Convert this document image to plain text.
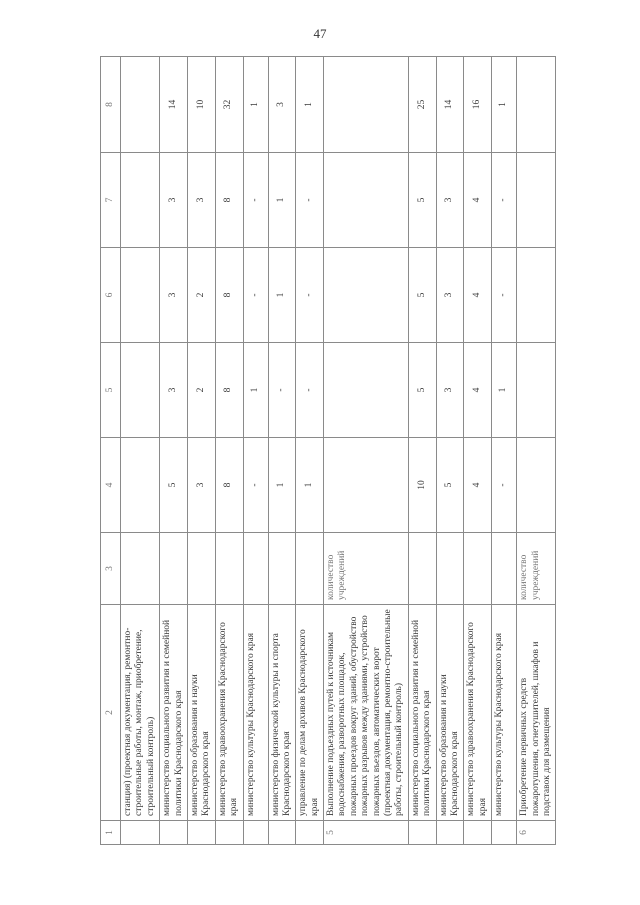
47
1	2	3	4	5	6	7	8
	станция) (проектная документация, ремонтно-строительные работы, монтаж, приобретение, строительный контроль)						
	министерство социального развития и семейной политики Краснодарского края		5	3	3	3	14
	министерство образования и науки Краснодарского края		3	2	2	3	10
	министерство здравоохранения Краснодарского края		8	8	8	8	32
	министерство культуры Краснодарского края		-	1	-	-	1
	министерство физической культуры и спорта Краснодарского края		1	-	1	1	3
	управление по делам архивов Краснодарского края		1	-	-	-	1
5	Выполнение подъездных путей к источникам водоснабжения, разворотных площадок, пожарных проездов вокруг зданий, обустройство пожарных разрывов между зданиями, устройство пожарных въездов, автоматических ворот (проектная документация, ремонтно-строительные работы, строительный контроль)	количество учреждений					
	министерство социального развития и семейной политики Краснодарского края		10	5	5	5	25
	министерство образования и науки Краснодарского края		5	3	3	3	14
	министерство здравоохранения Краснодарского края		4	4	4	4	16
	министерство культуры Краснодарского края		-	1	-	-	1
6	Приобретение первичных средств пожаротушения, огнетушителей, шкафов и подставок для размещения	количество учреждений					
